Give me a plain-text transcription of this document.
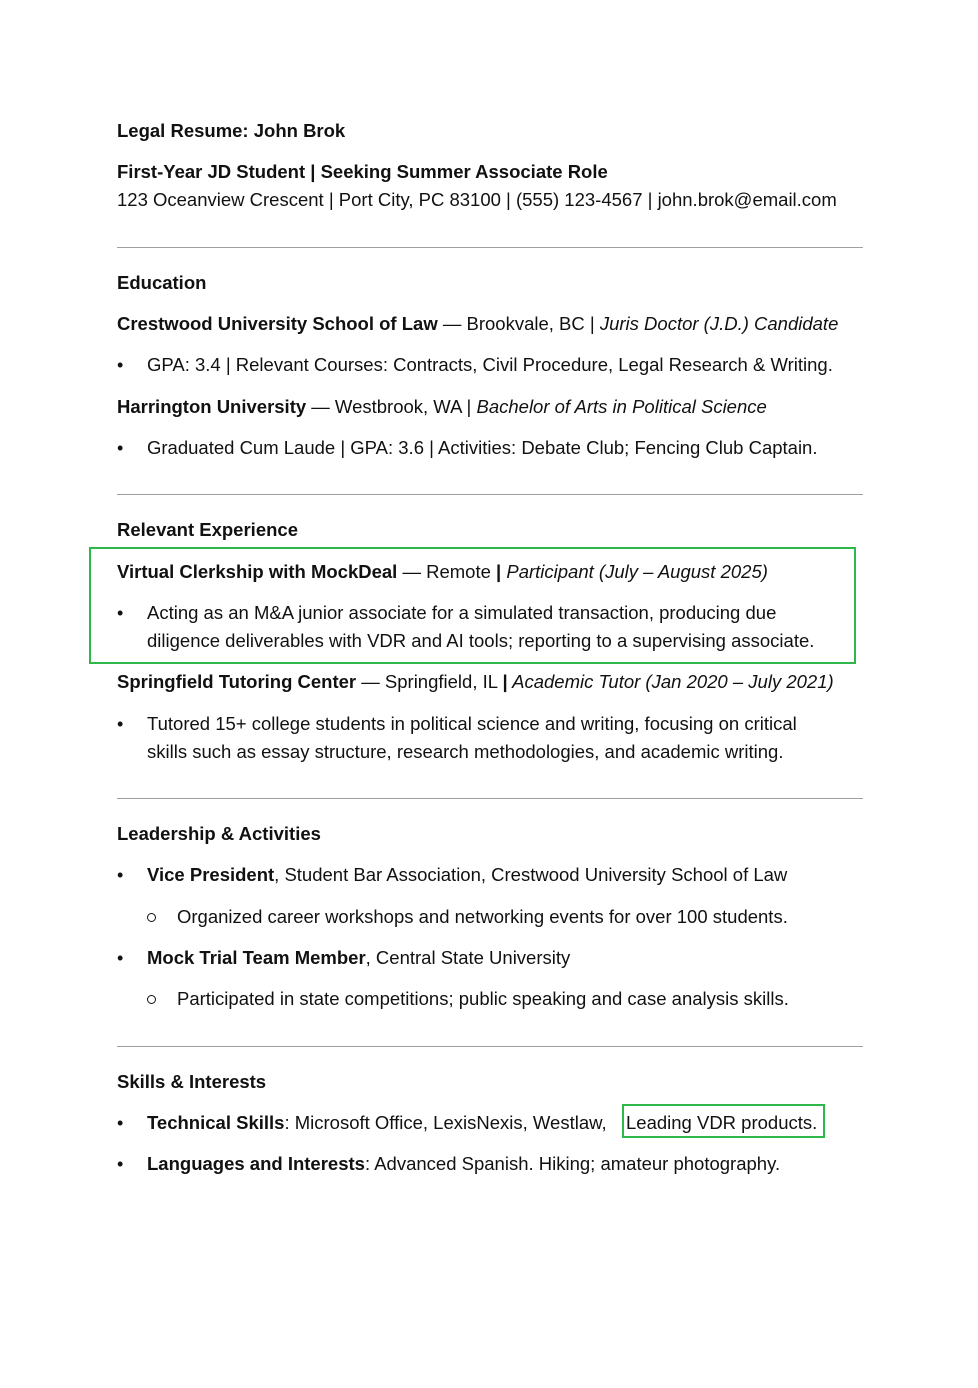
Legal Resume: John Brok
First-Year JD Student | Seeking Summer Associate Role
123 Oceanview Crescent | Port City, PC 83100 | (555) 123-4567 | john.brok@email.com
Education
Crestwood University School of Law — Brookvale, BC | Juris Doctor (J.D.) Candidate
• GPA: 3.4 | Relevant Courses: Contracts, Civil Procedure, Legal Research & Writing.
Harrington University — Westbrook, WA | Bachelor of Arts in Political Science
• Graduated Cum Laude | GPA: 3.6 | Activities: Debate Club; Fencing Club Captain.
Relevant Experience
Virtual Clerkship with MockDeal — Remote | Participant (July – August 2025)
• Acting as an M&A junior associate for a simulated transaction, producing due
diligence deliverables with VDR and AI tools; reporting to a supervising associate.
Springfield Tutoring Center — Springfield, IL | Academic Tutor (Jan 2020 – July 2021)
• Tutored 15+ college students in political science and writing, focusing on critical
skills such as essay structure, research methodologies, and academic writing.
Leadership & Activities
• Vice President, Student Bar Association, Crestwood University School of Law
Organized career workshops and networking events for over 100 students.
• Mock Trial Team Member, Central State University
Participated in state competitions; public speaking and case analysis skills.
Skills & Interests
• Technical Skills: Microsoft Office, LexisNexis, Westlaw, Leading VDR products.
• Languages and Interests: Advanced Spanish. Hiking; amateur photography.
